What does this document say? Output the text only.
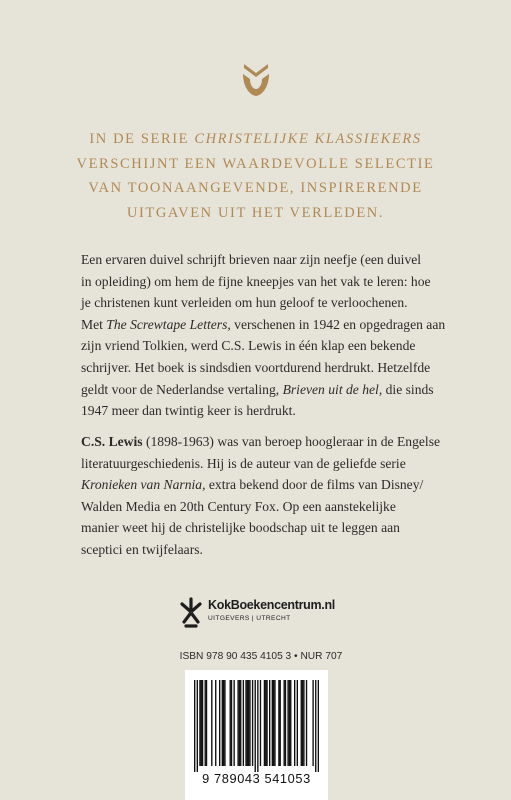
IN DE SERIE CHRISTELIJKE KLASSIEKERS
VERSCHIJNT EEN WAARDEVOLLE SELECTIE
VAN TOONAANGEVENDE, INSPIRERENDE
UITGAVEN UIT HET VERLEDEN.
Een ervaren duivel schrijft brieven naar zijn neefje (een duivel
in opleiding) om hem de fijne kneepjes van het vak te leren: hoe
je christenen kunt verleiden om hun geloof te verloochenen.
Met The Screwtape Letters, verschenen in 1942 en opgedragen aan
zijn vriend Tolkien, werd C.S. Lewis in één klap een bekende
schrijver. Het boek is sindsdien voortdurend herdrukt. Hetzelfde
geldt voor de Nederlandse vertaling, Brieven uit de hel, die sinds
1947 meer dan twintig keer is herdrukt.
C.S. Lewis (1898-1963) was van beroep hoogleraar in de Engelse
literatuurgeschiedenis. Hij is de auteur van de geliefde serie
Kronieken van Narnia, extra bekend door de films van Disney/
Walden Media en 20th Century Fox. Op een aanstekelijke
manier weet hij de christelijke boodschap uit te leggen aan
sceptici en twijfelaars.
KokBoekencentrum.nl
UITGEVERS | UTRECHT
ISBN 978 90 435 4105 3 • NUR 707
9 789043 541053
